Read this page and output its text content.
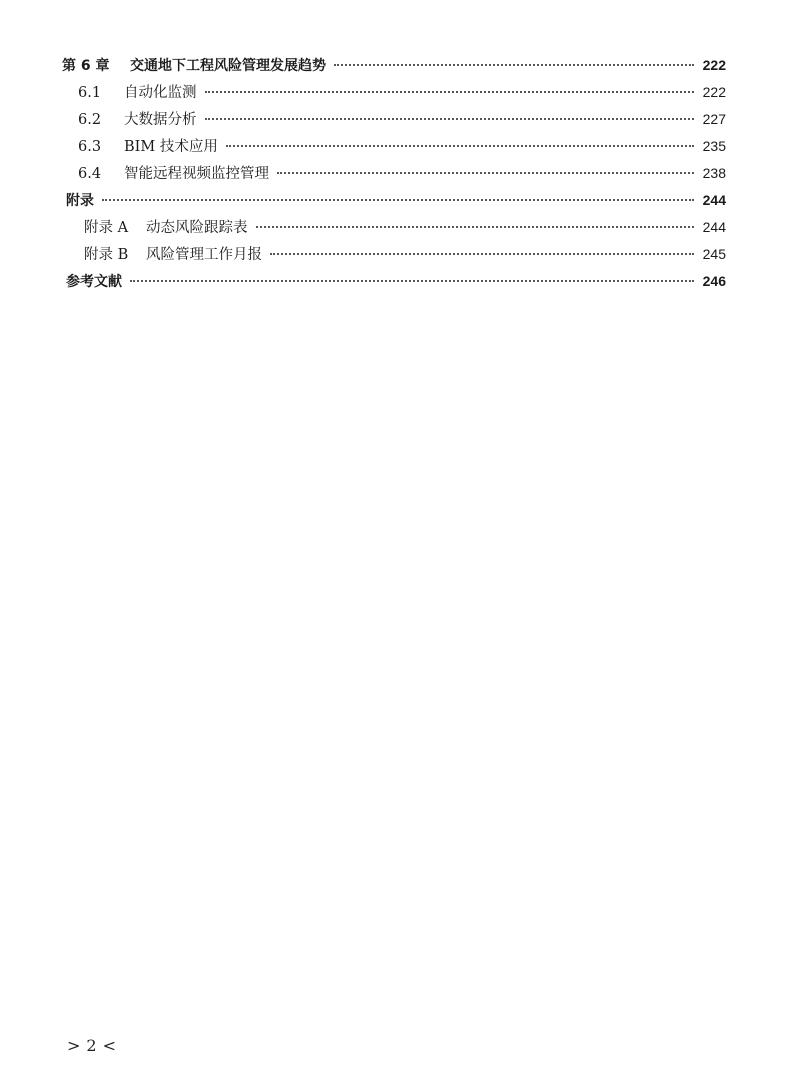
第 6 章	交通地下工程风险管理发展趋势	222
6.1	自动化监测	222
6.2	大数据分析	227
6.3	BIM 技术应用	235
6.4	智能远程视频监控管理	238
附录	244
附录 A	动态风险跟踪表	244
附录 B	风险管理工作月报	245
参考文献	246
> 2 <
